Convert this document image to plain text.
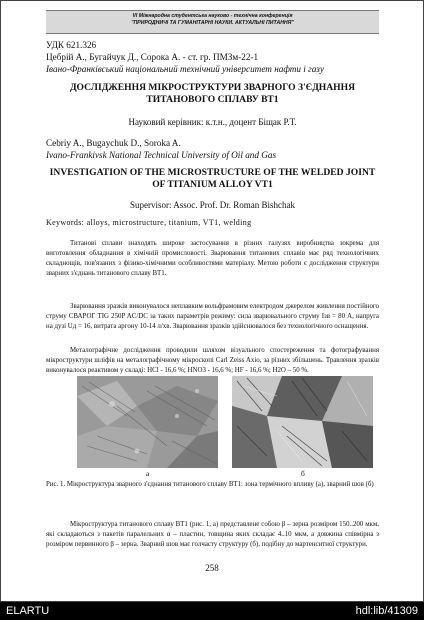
VI Міжнародна студентська науково - технічна конференція
"ПРИРОДНИЧІ ТА ГУМАНІТАРНІ НАУКИ. АКТУАЛЬНІ ПИТАННЯ"
УДК 621.326
Цебрій А., Бугайчук Д., Сорока А. - ст. гр. ПМЗм-22-1
Івано-Франківський національний технічний університет нафти і газу
ДОСЛІДЖЕННЯ МІКРОСТРУКТУРИ ЗВАРНОГО З'ЄДНАННЯ ТИТАНОВОГО СПЛАВУ ВТ1
Науковий керівник: к.т.н., доцент Біщак Р.Т.
Cebriy A., Bugaychuk D., Soroka A.
Ivano-Frankivsk National Technical University of Oil and Gas
INVESTIGATION OF THE MICROSTRUCTURE OF THE WELDED JOINT OF TITANIUM ALLOY VT1
Supervisor: Assoc. Prof. Dr. Roman Bishchak
Keywords: alloys, microstructure, titanium, VT1, welding
Титанові сплави знаходять широке застосування в різних галузях виробництва зокрема для виготовлення обладнання в хімічній промисловості. Зварювання титанових сплавів має ряд технологічних складнощів, пов'язаних з фізико-хімічними особливостями матеріалу. Метою роботи є дослідження структури зварних з'єднань титанового сплаву ВТ1.
Зварювання зразків виконувалося неплавким вольфрамовим електродом джерелом живлення постійного струму СВАРОГ TIG 250P AC/DC за таких параметрів режиму: сила зварювального струму Iзв = 80 А, напруга на дузі Uд = 16, витрата аргону 10-14 л/хв. Зварювання зразків здійснювалося без технологічного оснащення.
Металографічне дослідження проводили шляхом візуального спостереження та фотографування мікроструктури шліфів на металографічному мікроскопі Carl Zeiss Axio, за різних збільшень. Травлення зразків виконувалося реактивом у складі: HCl - 16,6 %; HNO3 - 16,6 %; HF - 16,6 %; H2O – 50 %.
а	б
Рис. 1. Мікроструктура зварного з'єднання титанового сплаву ВТ1: зона термічного впливу (а), зварний шов (б)
Мікроструктура титанового сплаву ВТ1 (рис. 1, а) представлене собою β – зерна розміром 150..200 мкм, які складаються з пакетів паралельних α – пластин, товщина яких складає 4..10 мкм, а довжина співмірна з розміром первинного β – зерна. Зварний шов має голчасту структуру (б), подібну до мартенситної структури.
258
ELARTU	hdl:lib/41309
